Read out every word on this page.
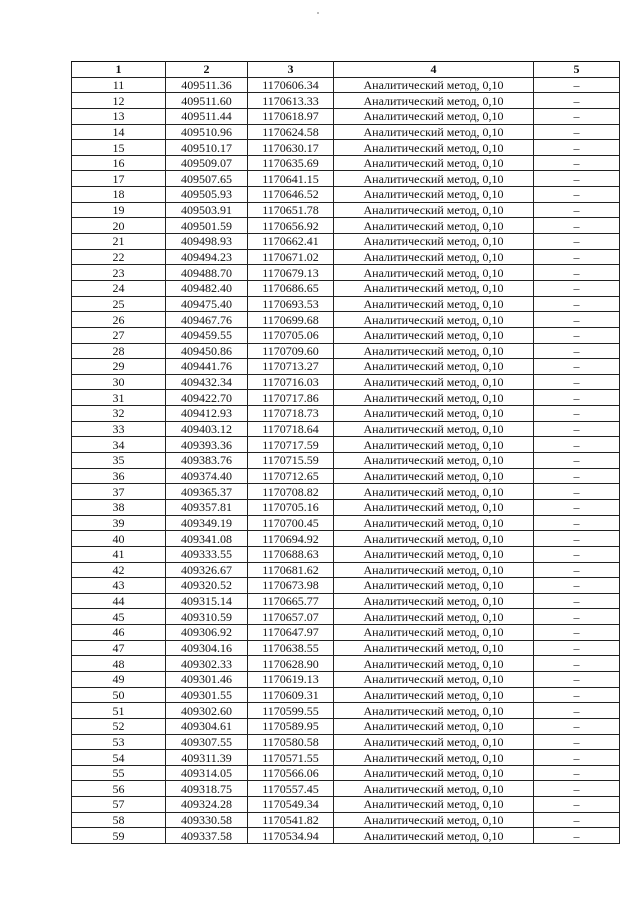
1	2	3	4	5
11	409511.36	1170606.34	Аналитический метод, 0,10	–
12	409511.60	1170613.33	Аналитический метод, 0,10	–
13	409511.44	1170618.97	Аналитический метод, 0,10	–
14	409510.96	1170624.58	Аналитический метод, 0,10	–
15	409510.17	1170630.17	Аналитический метод, 0,10	–
16	409509.07	1170635.69	Аналитический метод, 0,10	–
17	409507.65	1170641.15	Аналитический метод, 0,10	–
18	409505.93	1170646.52	Аналитический метод, 0,10	–
19	409503.91	1170651.78	Аналитический метод, 0,10	–
20	409501.59	1170656.92	Аналитический метод, 0,10	–
21	409498.93	1170662.41	Аналитический метод, 0,10	–
22	409494.23	1170671.02	Аналитический метод, 0,10	–
23	409488.70	1170679.13	Аналитический метод, 0,10	–
24	409482.40	1170686.65	Аналитический метод, 0,10	–
25	409475.40	1170693.53	Аналитический метод, 0,10	–
26	409467.76	1170699.68	Аналитический метод, 0,10	–
27	409459.55	1170705.06	Аналитический метод, 0,10	–
28	409450.86	1170709.60	Аналитический метод, 0,10	–
29	409441.76	1170713.27	Аналитический метод, 0,10	–
30	409432.34	1170716.03	Аналитический метод, 0,10	–
31	409422.70	1170717.86	Аналитический метод, 0,10	–
32	409412.93	1170718.73	Аналитический метод, 0,10	–
33	409403.12	1170718.64	Аналитический метод, 0,10	–
34	409393.36	1170717.59	Аналитический метод, 0,10	–
35	409383.76	1170715.59	Аналитический метод, 0,10	–
36	409374.40	1170712.65	Аналитический метод, 0,10	–
37	409365.37	1170708.82	Аналитический метод, 0,10	–
38	409357.81	1170705.16	Аналитический метод, 0,10	–
39	409349.19	1170700.45	Аналитический метод, 0,10	–
40	409341.08	1170694.92	Аналитический метод, 0,10	–
41	409333.55	1170688.63	Аналитический метод, 0,10	–
42	409326.67	1170681.62	Аналитический метод, 0,10	–
43	409320.52	1170673.98	Аналитический метод, 0,10	–
44	409315.14	1170665.77	Аналитический метод, 0,10	–
45	409310.59	1170657.07	Аналитический метод, 0,10	–
46	409306.92	1170647.97	Аналитический метод, 0,10	–
47	409304.16	1170638.55	Аналитический метод, 0,10	–
48	409302.33	1170628.90	Аналитический метод, 0,10	–
49	409301.46	1170619.13	Аналитический метод, 0,10	–
50	409301.55	1170609.31	Аналитический метод, 0,10	–
51	409302.60	1170599.55	Аналитический метод, 0,10	–
52	409304.61	1170589.95	Аналитический метод, 0,10	–
53	409307.55	1170580.58	Аналитический метод, 0,10	–
54	409311.39	1170571.55	Аналитический метод, 0,10	–
55	409314.05	1170566.06	Аналитический метод, 0,10	–
56	409318.75	1170557.45	Аналитический метод, 0,10	–
57	409324.28	1170549.34	Аналитический метод, 0,10	–
58	409330.58	1170541.82	Аналитический метод, 0,10	–
59	409337.58	1170534.94	Аналитический метод, 0,10	–
